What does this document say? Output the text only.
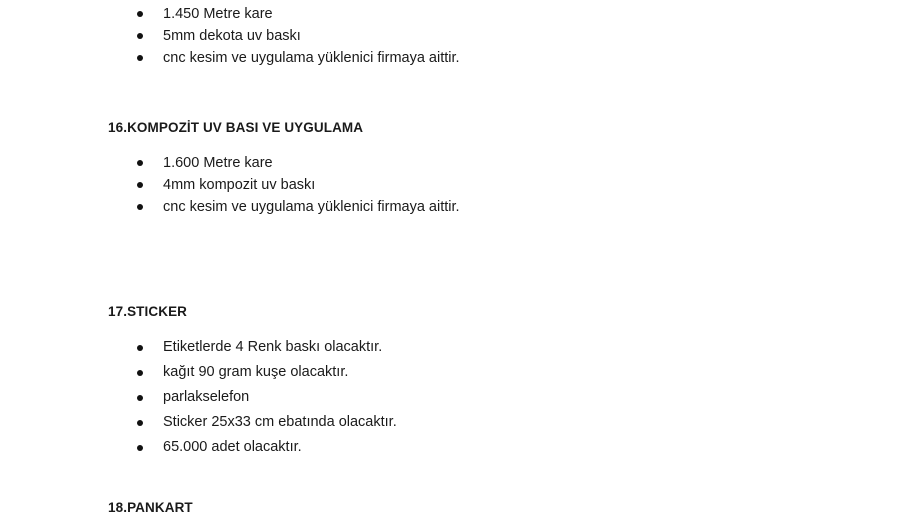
1.450 Metre kare
5mm dekota uv baskı
cnc kesim ve uygulama yüklenici firmaya aittir.
16.KOMPOZİT UV BASI VE UYGULAMA
1.600 Metre kare
4mm kompozit uv baskı
cnc kesim ve uygulama yüklenici firmaya aittir.
17.STICKER
Etiketlerde 4 Renk baskı olacaktır.
kağıt 90 gram kuşe olacaktır.
parlakselefon
Sticker 25x33 cm ebatında olacaktır.
65.000 adet olacaktır.
18.PANKART
